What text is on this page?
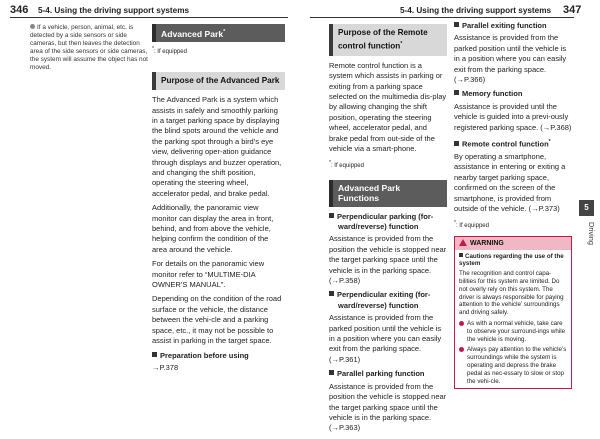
346 5-4. Using the driving support systems	5-4. Using the driving support systems 347
If a vehicle, person, animal, etc. is detected by a side sensors or side cameras, but then leaves the detection area of the side sensors or side cameras, the system will assume the object has not moved.
Advanced Park*
*: If equipped
Purpose of the Advanced Park

The Advanced Park is a system which assists in safely and smoothly parking in a target parking space by displaying the blind spots around the vehicle and the parking spot through a bird’s eye view, delivering oper-ation guidance through displays and buzzer operation, and changing the shift position, operating the steering wheel, accelerator pedal, and brake pedal.

Additionally, the panoramic view monitor can display the area in front, behind, and from above the vehicle, helping confirm the condition of the area around the vehicle.

For details on the panoramic view monitor refer to “MULTIME-DIA OWNER’S MANUAL”.

Depending on the condition of the road surface or the vehicle, the distance between the vehi-cle and a parking space, etc., it may not be possible to assist in parking in the target space.

Preparation before using

→P.378

Purpose of the Remote control function*

Remote control function is a system which assists in parking or exiting from a parking space selected on the multimedia dis-play by allowing changing the shift position, operating the steering wheel, accelerator pedal, and brake pedal from out-side of the vehicle via a smart-phone.

*: If equipped
Advanced Park Functions
Perpendicular parking (for-ward/reverse) function

Assistance is provided from the position the vehicle is stopped near the target parking space until the vehicle is in the parking space. (→P.358)

Perpendicular exiting (for-ward/reverse) function

Assistance is provided from the parked position until the vehicle is in a position where you can easily exit from the parking space. (→P.361)

Parallel parking function

Assistance is provided from the position the vehicle is stopped near the target parking space until the vehicle is in the parking space. (→P.363)

Parallel exiting function

Assistance is provided from the parked position until the vehicle is in a position where you can easily exit from the parking space. (→P.366)

Memory function

Assistance is provided until the vehicle is guided into a previ-ously registered parking space. (→P.368)

Remote control function*

By operating a smartphone, assistance in entering or exiting a nearby target parking space, confirmed on the screen of the smartphone, is provided from outside of the vehicle. (→P.373)

*: If equipped
WARNING
Cautions regarding the use of the system

The recognition and control capa-bilities for this system are limited. Do not overly rely on this system. The driver is always responsible for paying attention to the vehicle’ surroundings and driving safely.

As with a normal vehicle, take care to observe your surround-ings while the vehicle is moving.
Always pay attention to the vehicle’s surroundings while the system is operating and depress the brake pedal as nec-essary to slow or stop the vehi-cle.
5
Driving
